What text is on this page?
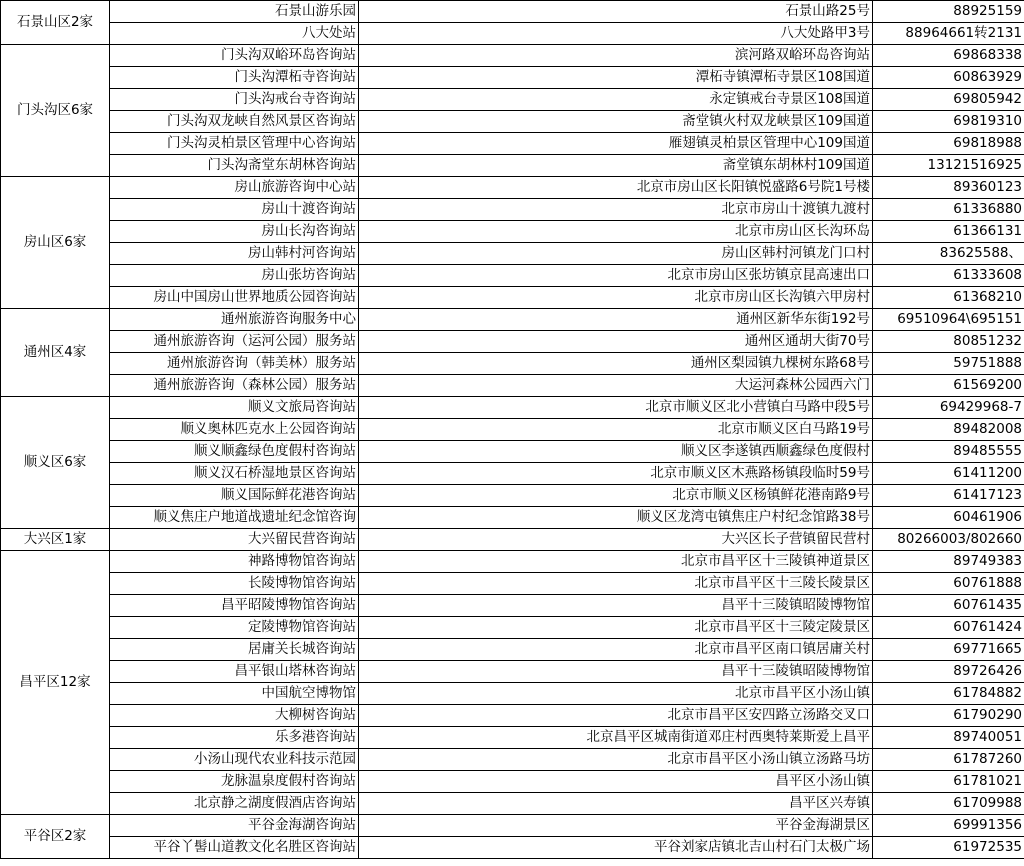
石景山区2家	石景山游乐园	石景山路25号	88925159
	八大处站	八大处路甲3号	88964661转2131
门头沟区6家	门头沟双峪环岛咨询站	滨河路双峪环岛咨询站	69868338
	门头沟潭柘寺咨询站	潭柘寺镇潭柘寺景区108国道	60863929
	门头沟戒台寺咨询站	永定镇戒台寺景区108国道	69805942
	门头沟双龙峡自然风景区咨询站	斋堂镇火村双龙峡景区109国道	69819310
	门头沟灵柏景区管理中心咨询站	雁翅镇灵柏景区管理中心109国道	69818988
	门头沟斋堂东胡林咨询站	斋堂镇东胡林村109国道	13121516925
房山区6家	房山旅游咨询中心站	北京市房山区长阳镇悦盛路6号院1号楼	89360123
	房山十渡咨询站	北京市房山十渡镇九渡村	61336880
	房山长沟咨询站	北京市房山区长沟环岛	61366131
	房山韩村河咨询站	房山区韩村河镇龙门口村	83625588、
	房山张坊咨询站	北京市房山区张坊镇京昆高速出口	61333608
	房山中国房山世界地质公园咨询站	北京市房山区长沟镇六甲房村	61368210
通州区4家	通州旅游咨询服务中心	通州区新华东街192号	69510964\695151
	通州旅游咨询（运河公园）服务站	通州区通胡大街70号	80851232
	通州旅游咨询（韩美林）服务站	通州区梨园镇九棵树东路68号	59751888
	通州旅游咨询（森林公园）服务站	大运河森林公园西六门	61569200
顺义区6家	顺义文旅局咨询站	北京市顺义区北小营镇白马路中段5号	69429968-7
	顺义奥林匹克水上公园咨询站	北京市顺义区白马路19号	89482008
	顺义顺鑫绿色度假村咨询站	顺义区李遂镇西顺鑫绿色度假村	89485555
	顺义汉石桥湿地景区咨询站	北京市顺义区木燕路杨镇段临时59号	61411200
	顺义国际鲜花港咨询站	北京市顺义区杨镇鲜花港南路9号	61417123
	顺义焦庄户地道战遗址纪念馆咨询	顺义区龙湾屯镇焦庄户村纪念馆路38号	60461906
大兴区1家	大兴留民营咨询站	大兴区长子营镇留民营村	80266003/802660
昌平区12家	神路博物馆咨询站	北京市昌平区十三陵镇神道景区	89749383
	长陵博物馆咨询站	北京市昌平区十三陵长陵景区	60761888
	昌平昭陵博物馆咨询站	昌平十三陵镇昭陵博物馆	60761435
	定陵博物馆咨询站	北京市昌平区十三陵定陵景区	60761424
	居庸关长城咨询站	北京市昌平区南口镇居庸关村	69771665
	昌平银山塔林咨询站	昌平十三陵镇昭陵博物馆	89726426
	中国航空博物馆	北京市昌平区小汤山镇	61784882
	大柳树咨询站	北京市昌平区安四路立汤路交叉口	61790290
	乐多港咨询站	北京昌平区城南街道邓庄村西奥特莱斯爱上昌平	89740051
	小汤山现代农业科技示范园	北京市昌平区小汤山镇立汤路马坊	61787260
	龙脉温泉度假村咨询站	昌平区小汤山镇	61781021
	北京静之湖度假酒店咨询站	昌平区兴寿镇	61709988
平谷区2家	平谷金海湖咨询站	平谷金海湖景区	69991356
	平谷丫髻山道教文化名胜区咨询站	平谷刘家店镇北吉山村石门太极广场	61972535
